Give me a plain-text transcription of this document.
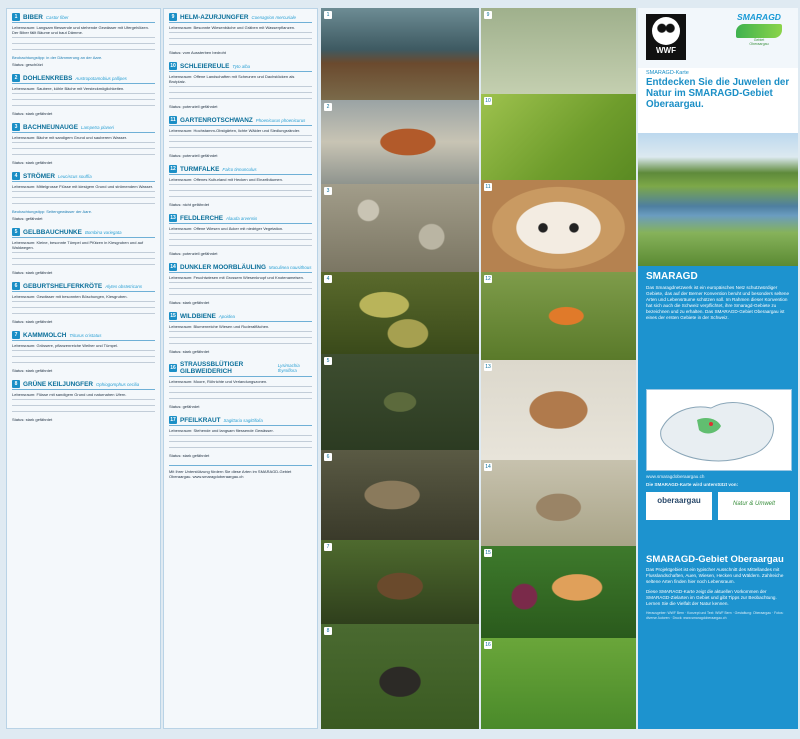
1 BIBER Castor fiber

Lebensraum: Langsam fliessende und stehende Gewässer mit Ufergehölzen. Der Biber fällt Bäume und baut Dämme.

Beobachtungstipp: in der Dämmerung an der Aare.

Status: geschützt

2 DOHLENKREBS Austropotamobius pallipes

Lebensraum: Saubere, kühle Bäche mit Versteckmöglichkeiten.

Status: stark gefährdet

3 BACHNEUNAUGE Lampetra planeri

Lebensraum: Bäche mit sandigem Grund und sauberem Wasser.

Status: stark gefährdet

4 STRÖMER Leuciscus souffia

Lebensraum: Mittelgrosse Flüsse mit kiesigem Grund und strömendem Wasser.

Beobachtungstipp: Seitengewässer der Aare.

Status: gefährdet

5 GELBBAUCHUNKE Bombina variegata

Lebensraum: Kleine, besonnte Tümpel und Pfützen in Kiesgruben und auf Waldwegen.

Status: stark gefährdet

6 GEBURTSHELFERKRÖTE Alytes obstetricans

Lebensraum: Gewässer mit besonnten Böschungen, Kiesgruben.

Status: stark gefährdet

7 KAMMMOLCH Triturus cristatus

Lebensraum: Grössere, pflanzenreiche Weiher und Tümpel.

Status: stark gefährdet

8 GRÜNE KEILJUNGFER Ophiogomphus cecilia

Lebensraum: Flüsse mit sandigem Grund und naturnahen Ufern.

Status: stark gefährdet

9 HELM-AZURJUNGFER Coenagrion mercuriale

Lebensraum: Besonnte Wiesenbäche und Gräben mit Wasserpflanzen.

Status: vom Aussterben bedroht

10 SCHLEIEREULE Tyto alba

Lebensraum: Offene Landschaften mit Scheunen und Dachstöcken als Brutplatz.

Status: potenziell gefährdet

11 GARTENROTSCHWANZ Phoenicurus phoenicurus

Lebensraum: Hochstamm-Obstgärten, lichte Wälder und Siedlungsränder.

Status: potenziell gefährdet

12 TURMFALKE Falco tinnunculus

Lebensraum: Offenes Kulturland mit Hecken und Einzelbäumen.

Status: nicht gefährdet

13 FELDLERCHE Alauda arvensis

Lebensraum: Offene Wiesen und Äcker mit niedriger Vegetation.

Status: potenziell gefährdet

14 DUNKLER MOORBLÄULING Maculinea nausithous

Lebensraum: Feuchtwiesen mit Grossem Wiesenknopf und Knotenameisen.

Status: stark gefährdet

15 WILDBIENE Apoidea

Lebensraum: Blumenreiche Wiesen und Ruderalflächen.

Status: stark gefährdet

16 STRAUSSBLÜTIGER GILBWEIDERICH
Lysimachia thyrsiflora

Lebensraum: Moore, Röhrichte und Verlandungszonen.

Status: gefährdet

17 PFEILKRAUT Sagittaria sagittifolia

Lebensraum: Stehende und langsam fliessende Gewässer.

Status: stark gefährdet

Mit Ihrer Unterstützung fördern Sie diese Arten im SMARAGD-Gebiet Oberaargau. www.smaragdoberaargau.ch

1
2
3
4
5
6
7
8
9
10
11
12
13
14
15
16
WWF
SMARAGD
Gebiet
Oberaargau
SMARAGD-Karte
Entdecken Sie die Juwelen der Natur im SMARAGD-Gebiet Oberaargau.
SMARAGD

Das Smaragdnetzwerk ist ein europäisches Netz schutzwürdiger Gebiete, das auf der Berner Konvention beruht und besonders seltene Arten und Lebensräume schützen soll. Im Rahmen dieser Konvention hat sich auch die Schweiz verpflichtet, ihre Smaragd-Gebiete zu bezeichnen und zu erhalten. Das SMARAGD-Gebiet Oberaargau ist eines der ersten Gebiete in der Schweiz.

www.smaragdoberaargau.ch
Die SMARAGD-Karte wird unterstützt von:
oberaargau	Natur & Umwelt
SMARAGD-Gebiet Oberaargau

Das Projektgebiet ist ein typischer Ausschnitt des Mittellandes mit Flusslandschaften, Auen, Wiesen, Hecken und Wäldern. Zahlreiche seltene Arten finden hier noch Lebensraum.

Diese SMARAGD-Karte zeigt die aktuellen Vorkommen der SMARAGD-Zielarten im Gebiet und gibt Tipps zur Beobachtung. Lernen Sie die Vielfalt der Natur kennen.

Herausgeber: WWF Bern · Konzept und Text: WWF Bern · Gestaltung: Oberaargau · Fotos: diverse Autoren · Druck: www.smaragdoberaargau.ch
